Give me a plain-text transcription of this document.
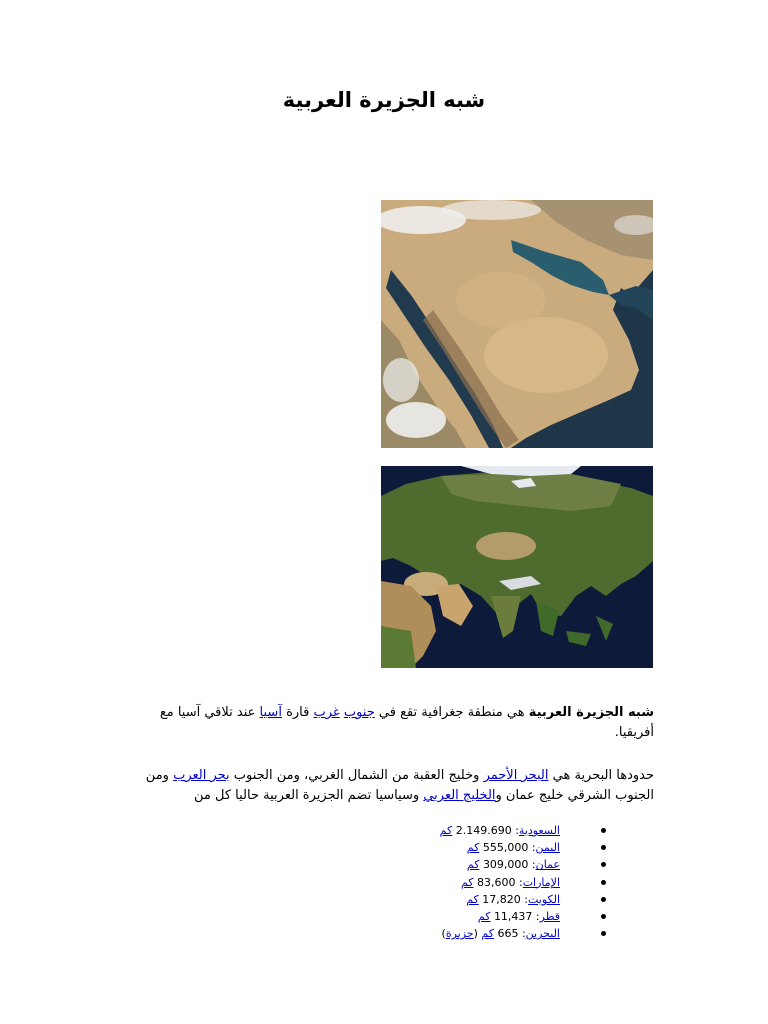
شبه الجزيرة العربية

شبه الجزيرة العربية هي منطقة جغرافية تقع في جنوب غرب قارة آسيا عند تلاقي آسيا مع أفريقيا.

حدودها البحرية هي البحر الأحمر وخليج العقبة من الشمال الغربي، ومن الجنوب بحر العرب ومن الجنوب الشرقي خليج عمان والخليج العربي وسياسيا تضم الجزيرة العربية حاليا كل من

السعودية: 2.149.690 كم
اليمن: 555,000 كم
عمان: 309,000 كم
الإمارات: 83,600 كم
الكويت: 17,820 كم
قطر: 11,437 كم
البحرين: 665 كم (جزيرة)
